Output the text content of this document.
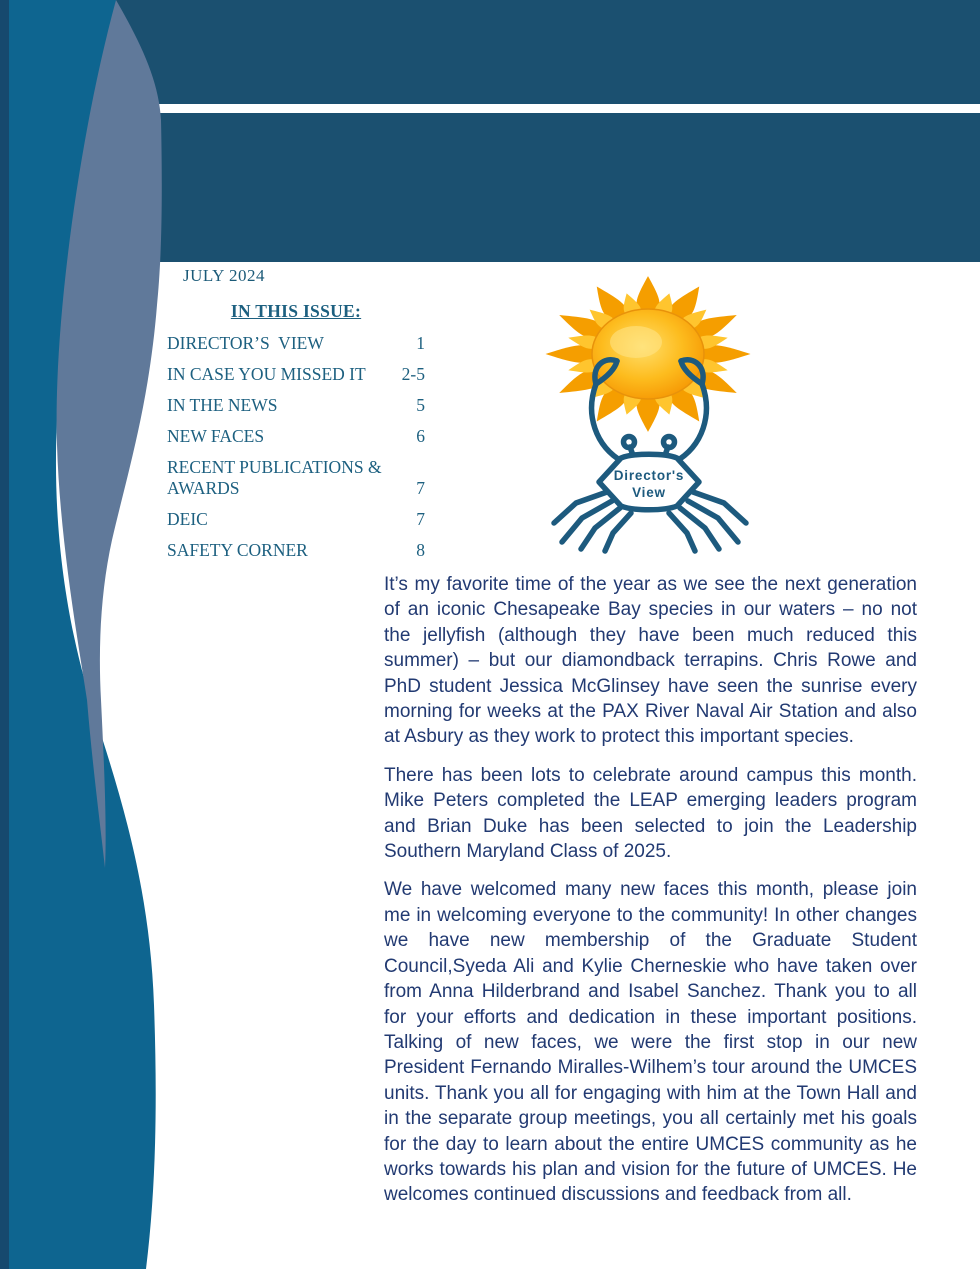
JULY 2024
IN THIS ISSUE:
DIRECTOR’S  VIEW	1
IN CASE YOU MISSED IT 2-5
IN THE NEWS	5
NEW FACES	6
RECENT PUBLICATIONS & AWARDS	7
DEIC	7
SAFETY CORNER	8
Director's
View

It’s my favorite time of the year as we see the next generation of an iconic Chesapeake Bay species in our waters – no not the jellyfish (although they have been much reduced this summer) – but our diamondback terrapins. Chris Rowe and PhD student Jessica McGlinsey have seen the sunrise every morning for weeks at the PAX River Naval Air Station and also at Asbury as they work to protect this important species.

There has been lots to celebrate around campus this month. Mike Peters completed the LEAP emerging leaders program and Brian Duke has been selected to join the Leadership Southern Maryland Class of 2025.

We have welcomed many new faces this month, please join me in welcoming everyone to the community! In other changes we have new membership of the Graduate Student Council,Syeda Ali and Kylie Cherneskie who have taken over from Anna Hilderbrand and Isabel Sanchez. Thank you to all for your efforts and dedication in these important positions. Talking of new faces, we were the first stop in our new President Fernando Miralles-Wilhem’s tour around the UMCES units. Thank you all for engaging with him at the Town Hall and in the separate group meetings, you all certainly met his goals for the day to learn about the entire UMCES community as he works towards his plan and vision for the future of UMCES. He welcomes continued discussions and feedback from all.
